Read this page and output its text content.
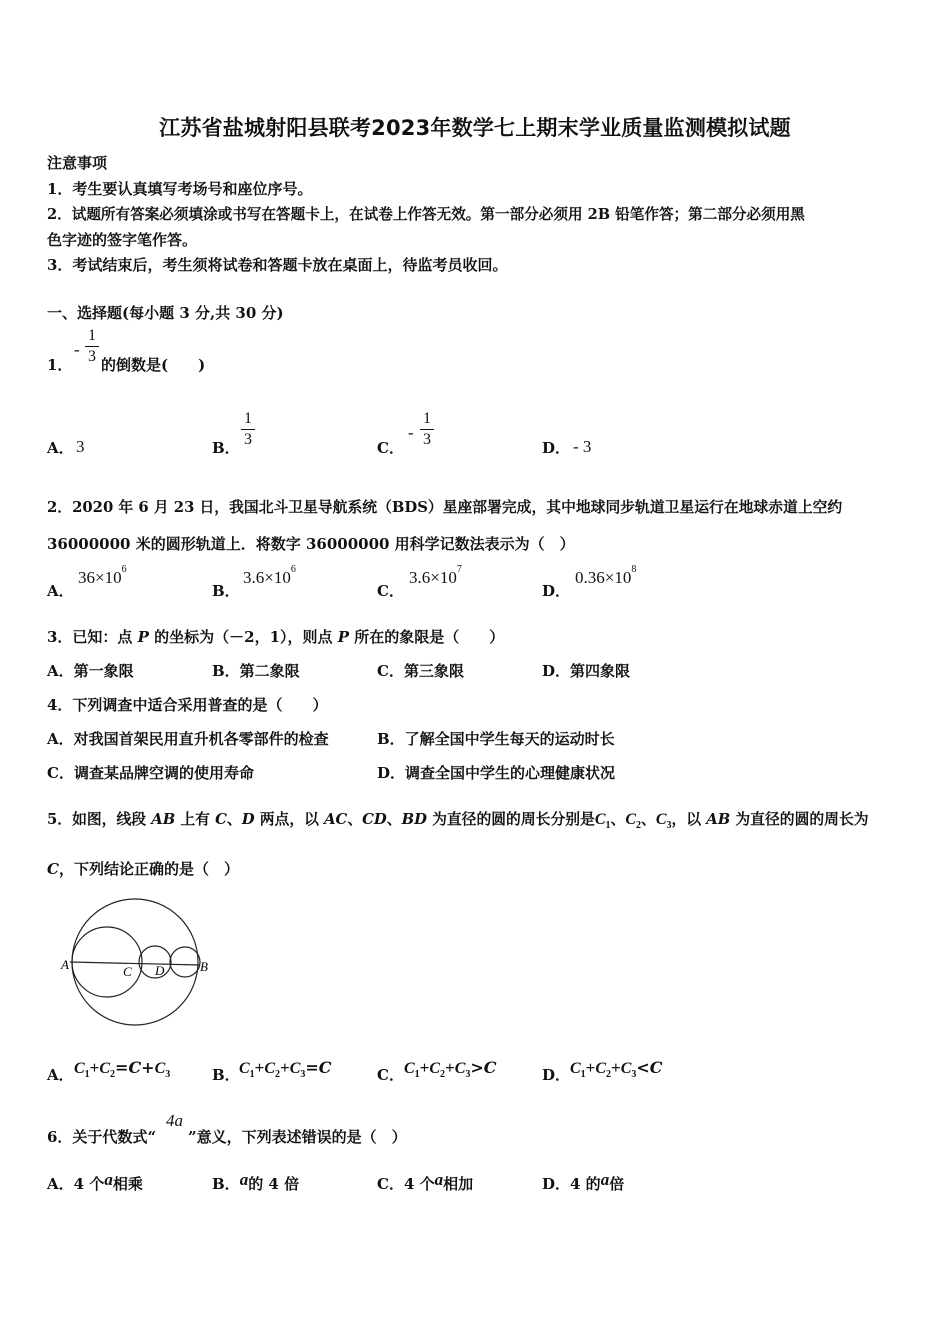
江苏省盐城射阳县联考2023年数学七上期末学业质量监测模拟试题
注意事项
1．考生要认真填写考场号和座位序号。
2．试题所有答案必须填涂或书写在答题卡上，在试卷上作答无效。第一部分必须用 2B 铅笔作答；第二部分必须用黑
色字迹的签字笔作答。
3．考试结束后，考生须将试卷和答题卡放在桌面上，待监考员收回。
一、选择题(每小题 3 分,共 30 分)
1．
-
1
3 的倒数是(　　)
A． 3	B．
1
3	C．
-
1
3	D． - 3
2．2020 年 6 月 23 日，我国北斗卫星导航系统（BDS）星座部署完成，其中地球同步轨道卫星运行在地球赤道上空约
36000000 米的圆形轨道上．将数字 36000000 用科学记数法表示为（　）
A．
$36\times 10^6$
B．
$3.6\times 10^6$
C．
$3.6\times 10^7$
D．
$0.36\times 10^8$
3．已知：点 P 的坐标为（－2，1），则点 P 所在的象限是（　　）
A．第一象限	B．第二象限	C．第三象限	D．第四象限
4．下列调查中适合采用普查的是（　　）
A．对我国首架民用直升机各零部件的检查	B．了解全国中学生每天的运动时长
C．调查某品牌空调的使用寿命	D．调查全国中学生的心理健康状况
5．如图，线段 AB 上有 C、D 两点，以 AC、CD、BD 为直径的圆的周长分别是$C_1$、$C_2$、$C_3$，以 AB 为直径的圆的周长为
C，下列结论正确的是（　）
A	C D	B
A． $C_1+C_2=C+C_3$	B． $C_1+C_2+C_3=C$	C． $C_1+C_2+C_3>C$	D． $C_1+C_2+C_3<C$
6．关于代数式“
4a
”意义，下列表述错误的是（　）
A．4 个a相乘	B．a的 4 倍	C．4 个a相加	D．4 的a倍
